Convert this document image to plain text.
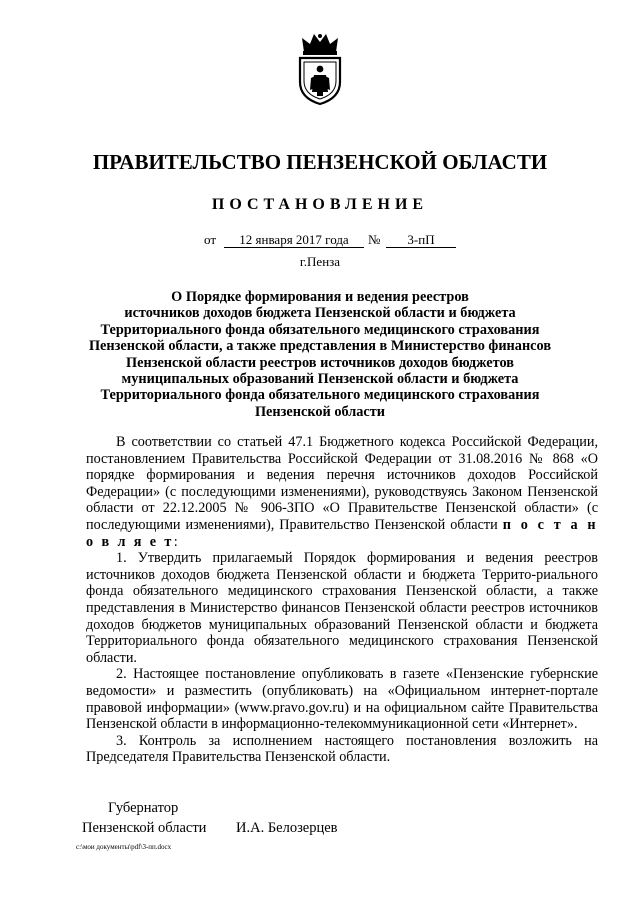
ПРАВИТЕЛЬСТВО ПЕНЗЕНСКОЙ ОБЛАСТИ
ПОСТАНОВЛЕНИЕ
от	12 января 2017 года	№	3-пП
г.Пенза
О Порядке формирования и ведения реестров
источников доходов бюджета Пензенской области и бюджета
Территориального фонда обязательного медицинского страхования
Пензенской области, а также представления в Министерство финансов
Пензенской области реестров источников доходов бюджетов
муниципальных образований Пензенской области и бюджета
Территориального фонда обязательного медицинского страхования
Пензенской области

В соответствии со статьей 47.1 Бюджетного кодекса Российской Федерации, постановлением Правительства Российской Федерации от 31.08.2016 № 868 «О порядке формирования и ведения перечня источников доходов Российской Федерации» (с последующими изменениями), руководствуясь Законом Пензенской области от 22.12.2005 № 906-ЗПО «О Правительстве Пензенской области» (с последующими изменениями), Правительство Пензенской области п о с т а н о в л я е т:

1. Утвердить прилагаемый Порядок формирования и ведения реестров источников доходов бюджета Пензенской области и бюджета Террито-риального фонда обязательного медицинского страхования Пензенской области, а также представления в Министерство финансов Пензенской области реестров источников доходов бюджетов муниципальных образований Пензенской области и бюджета Территориального фонда обязательного медицинского страхования Пензенской области.

2. Настоящее постановление опубликовать в газете «Пензенские губернские ведомости» и разместить (опубликовать) на «Официальном интернет-портале правовой информации» (www.pravo.gov.ru) и на официальном сайте Правительства Пензенской области в информационно-телекоммуникационной сети «Интернет».

3. Контроль за исполнением настоящего постановления возложить на Председателя Правительства Пензенской области.

Губернатор
Пензенской области И.А. Белозерцев
c:\мои документы\pdf\3-пп.docx
